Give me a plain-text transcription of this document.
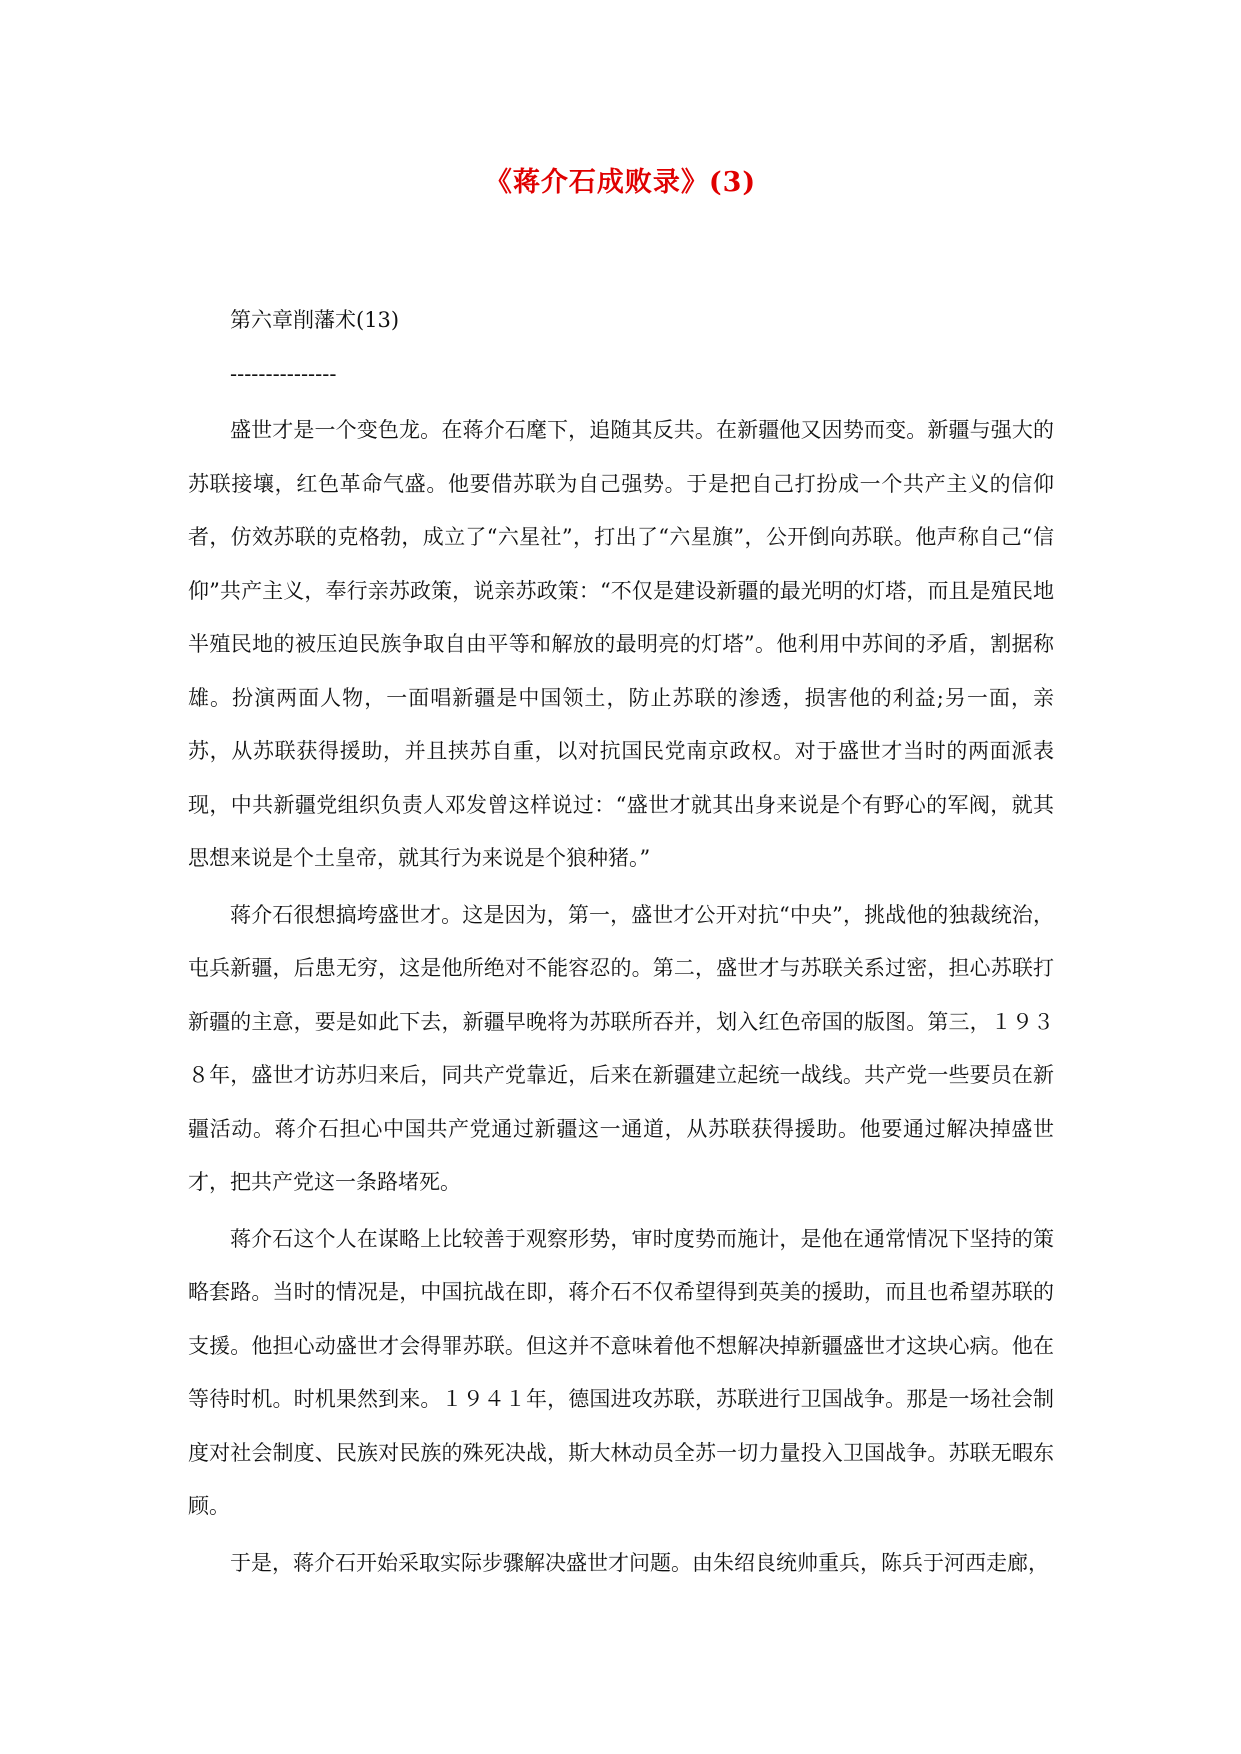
《蒋介石成败录》(3)

第六章削藩术(13)

---------------

盛世才是一个变色龙。在蒋介石麾下，追随其反共。在新疆他又因势而变。新疆与强大的苏联接壤，红色革命气盛。他要借苏联为自己强势。于是把自己打扮成一个共产主义的信仰者，仿效苏联的克格勃，成立了“六星社”，打出了“六星旗”，公开倒向苏联。他声称自己“信仰”共产主义，奉行亲苏政策，说亲苏政策：“不仅是建设新疆的最光明的灯塔，而且是殖民地半殖民地的被压迫民族争取自由平等和解放的最明亮的灯塔”。他利用中苏间的矛盾，割据称雄。扮演两面人物，一面唱新疆是中国领土，防止苏联的渗透，损害他的利益;另一面，亲苏，从苏联获得援助，并且挟苏自重，以对抗国民党南京政权。对于盛世才当时的两面派表现，中共新疆党组织负责人邓发曾这样说过：“盛世才就其出身来说是个有野心的军阀，就其思想来说是个土皇帝，就其行为来说是个狼种猪。”

蒋介石很想搞垮盛世才。这是因为，第一，盛世才公开对抗“中央”，挑战他的独裁统治，屯兵新疆，后患无穷，这是他所绝对不能容忍的。第二，盛世才与苏联关系过密，担心苏联打新疆的主意，要是如此下去，新疆早晚将为苏联所吞并，划入红色帝国的版图。第三，１９３８年，盛世才访苏归来后，同共产党靠近，后来在新疆建立起统一战线。共产党一些要员在新疆活动。蒋介石担心中国共产党通过新疆这一通道，从苏联获得援助。他要通过解决掉盛世才，把共产党这一条路堵死。

蒋介石这个人在谋略上比较善于观察形势，审时度势而施计，是他在通常情况下坚持的策略套路。当时的情况是，中国抗战在即，蒋介石不仅希望得到英美的援助，而且也希望苏联的支援。他担心动盛世才会得罪苏联。但这并不意味着他不想解决掉新疆盛世才这块心病。他在等待时机。时机果然到来。１９４１年，德国进攻苏联，苏联进行卫国战争。那是一场社会制度对社会制度、民族对民族的殊死决战，斯大林动员全苏一切力量投入卫国战争。苏联无暇东顾。

于是，蒋介石开始采取实际步骤解决盛世才问题。由朱绍良统帅重兵，陈兵于河西走廊，
